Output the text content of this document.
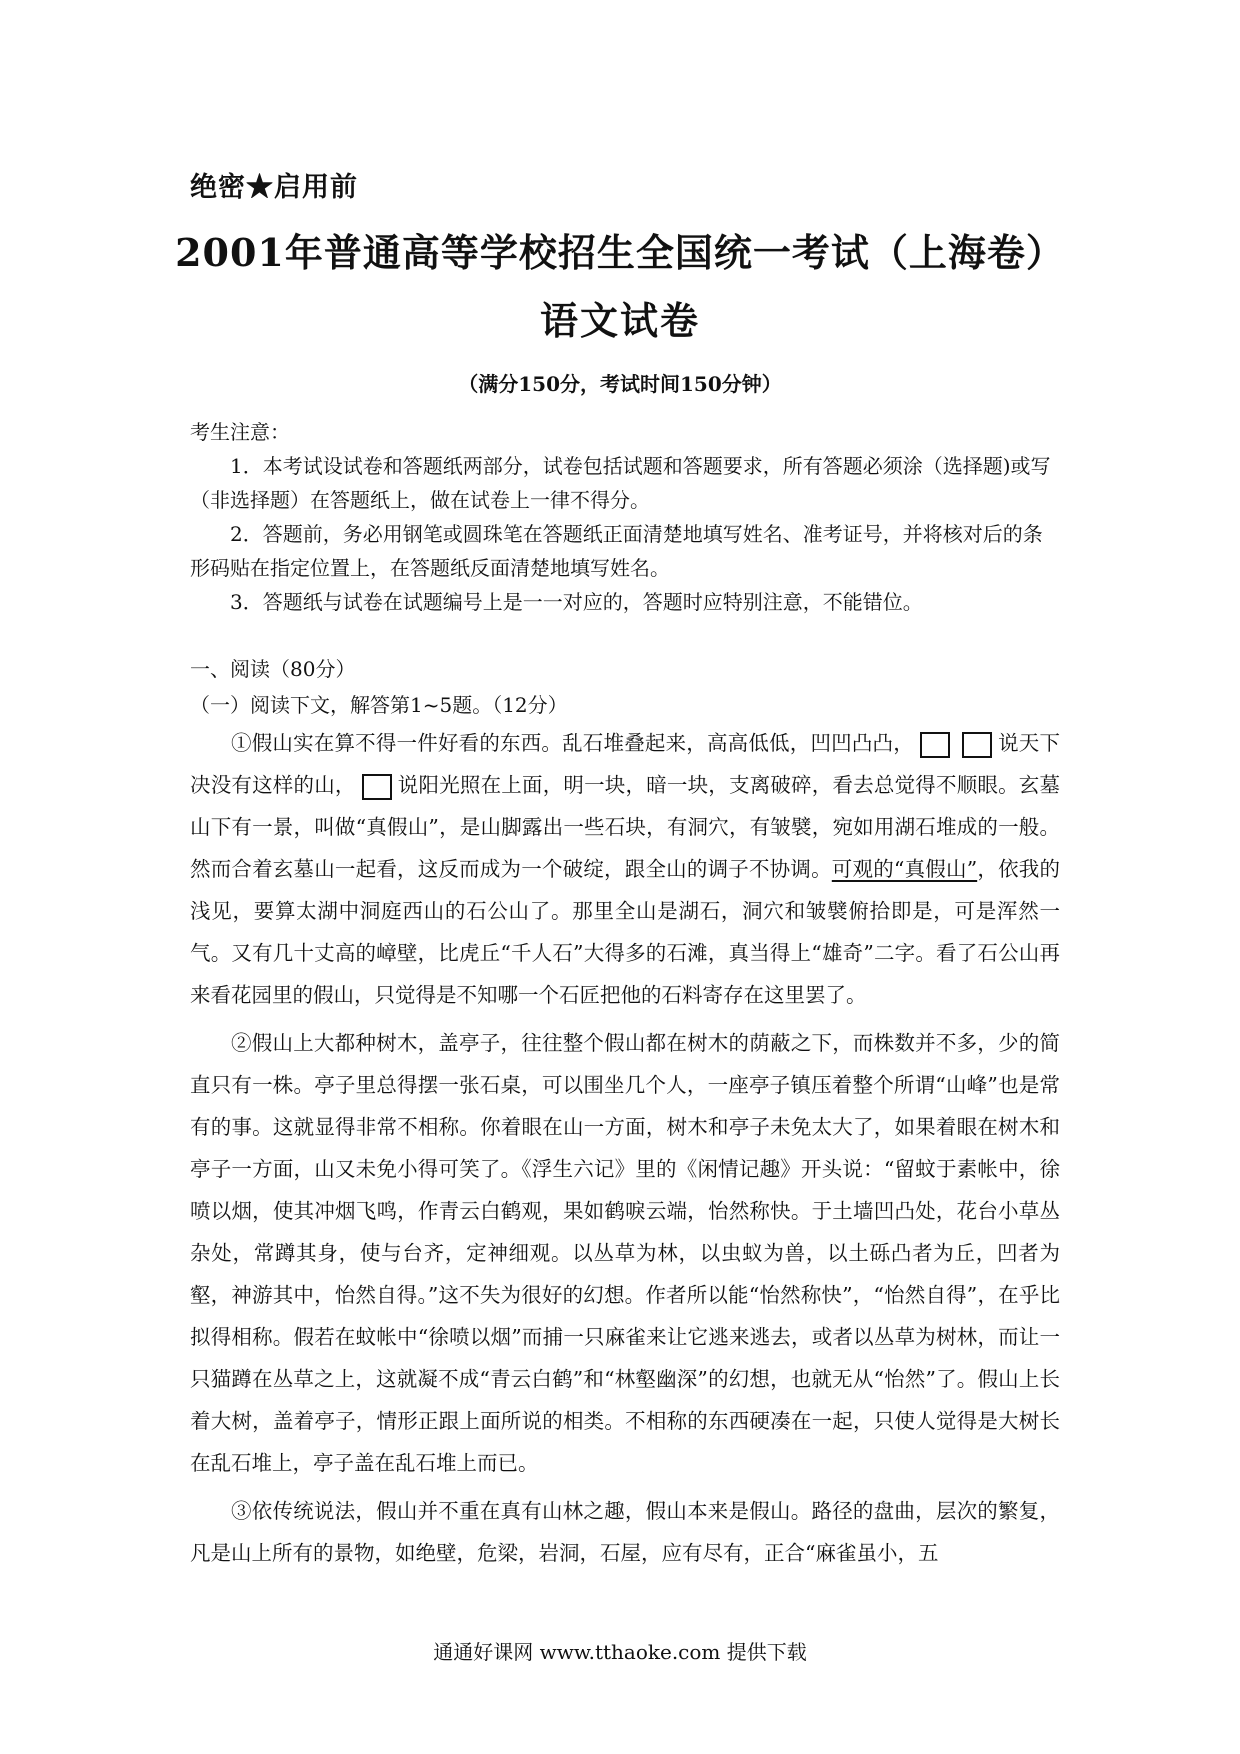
绝密★启用前
2001年普通高等学校招生全国统一考试（上海卷）
语文试卷
（满分150分，考试时间150分钟）
考生注意：

1．本考试设试卷和答题纸两部分，试卷包括试题和答题要求，所有答题必须涂（选择题)或写（非选择题）在答题纸上，做在试卷上一律不得分。

2．答题前，务必用钢笔或圆珠笔在答题纸正面清楚地填写姓名、准考证号，并将核对后的条形码贴在指定位置上，在答题纸反面清楚地填写姓名。

3．答题纸与试卷在试题编号上是一一对应的，答题时应特别注意，不能错位。

一、阅读（80分）

（一）阅读下文，解答第1~5题。（12分）

①假山实在算不得一件好看的东西。乱石堆叠起来，高高低低，凹凹凸凸，	说天下决没有这样的山， 说阳光照在上面，明一块，暗一块，支离破碎，看去总觉得不顺眼。玄墓山下有一景，叫做“真假山”，是山脚露出一些石块，有洞穴，有皱襞，宛如用湖石堆成的一般。然而合着玄墓山一起看，这反而成为一个破绽，跟全山的调子不协调。可观的“真假山”，依我的浅见，要算太湖中洞庭西山的石公山了。那里全山是湖石，洞穴和皱襞俯拾即是，可是浑然一气。又有几十丈高的嶂壁，比虎丘“千人石”大得多的石滩，真当得上“雄奇”二字。看了石公山再来看花园里的假山，只觉得是不知哪一个石匠把他的石料寄存在这里罢了。

②假山上大都种树木，盖亭子，往往整个假山都在树木的荫蔽之下，而株数并不多，少的简直只有一株。亭子里总得摆一张石桌，可以围坐几个人，一座亭子镇压着整个所谓“山峰”也是常有的事。这就显得非常不相称。你着眼在山一方面，树木和亭子未免太大了，如果着眼在树木和亭子一方面，山又未免小得可笑了。《浮生六记》里的《闲情记趣》开头说：“留蚊于素帐中，徐喷以烟，使其冲烟飞鸣，作青云白鹤观，果如鹤唳云端，怡然称快。于土墙凹凸处，花台小草丛杂处，常蹲其身，使与台齐，定神细观。以丛草为林，以虫蚁为兽，以土砾凸者为丘，凹者为壑，神游其中，怡然自得。”这不失为很好的幻想。作者所以能“怡然称快”，“怡然自得”，在乎比拟得相称。假若在蚊帐中“徐喷以烟”而捕一只麻雀来让它逃来逃去，或者以丛草为树林，而让一只猫蹲在丛草之上，这就凝不成“青云白鹤”和“林壑幽深”的幻想，也就无从“怡然”了。假山上长着大树，盖着亭子，情形正跟上面所说的相类。不相称的东西硬凑在一起，只使人觉得是大树长在乱石堆上，亭子盖在乱石堆上而已。

③依传统说法，假山并不重在真有山林之趣，假山本来是假山。路径的盘曲，层次的繁复，凡是山上所有的景物，如绝壁，危梁，岩洞，石屋，应有尽有，正合“麻雀虽小，五

通通好课网 www.tthaoke.com 提供下载
